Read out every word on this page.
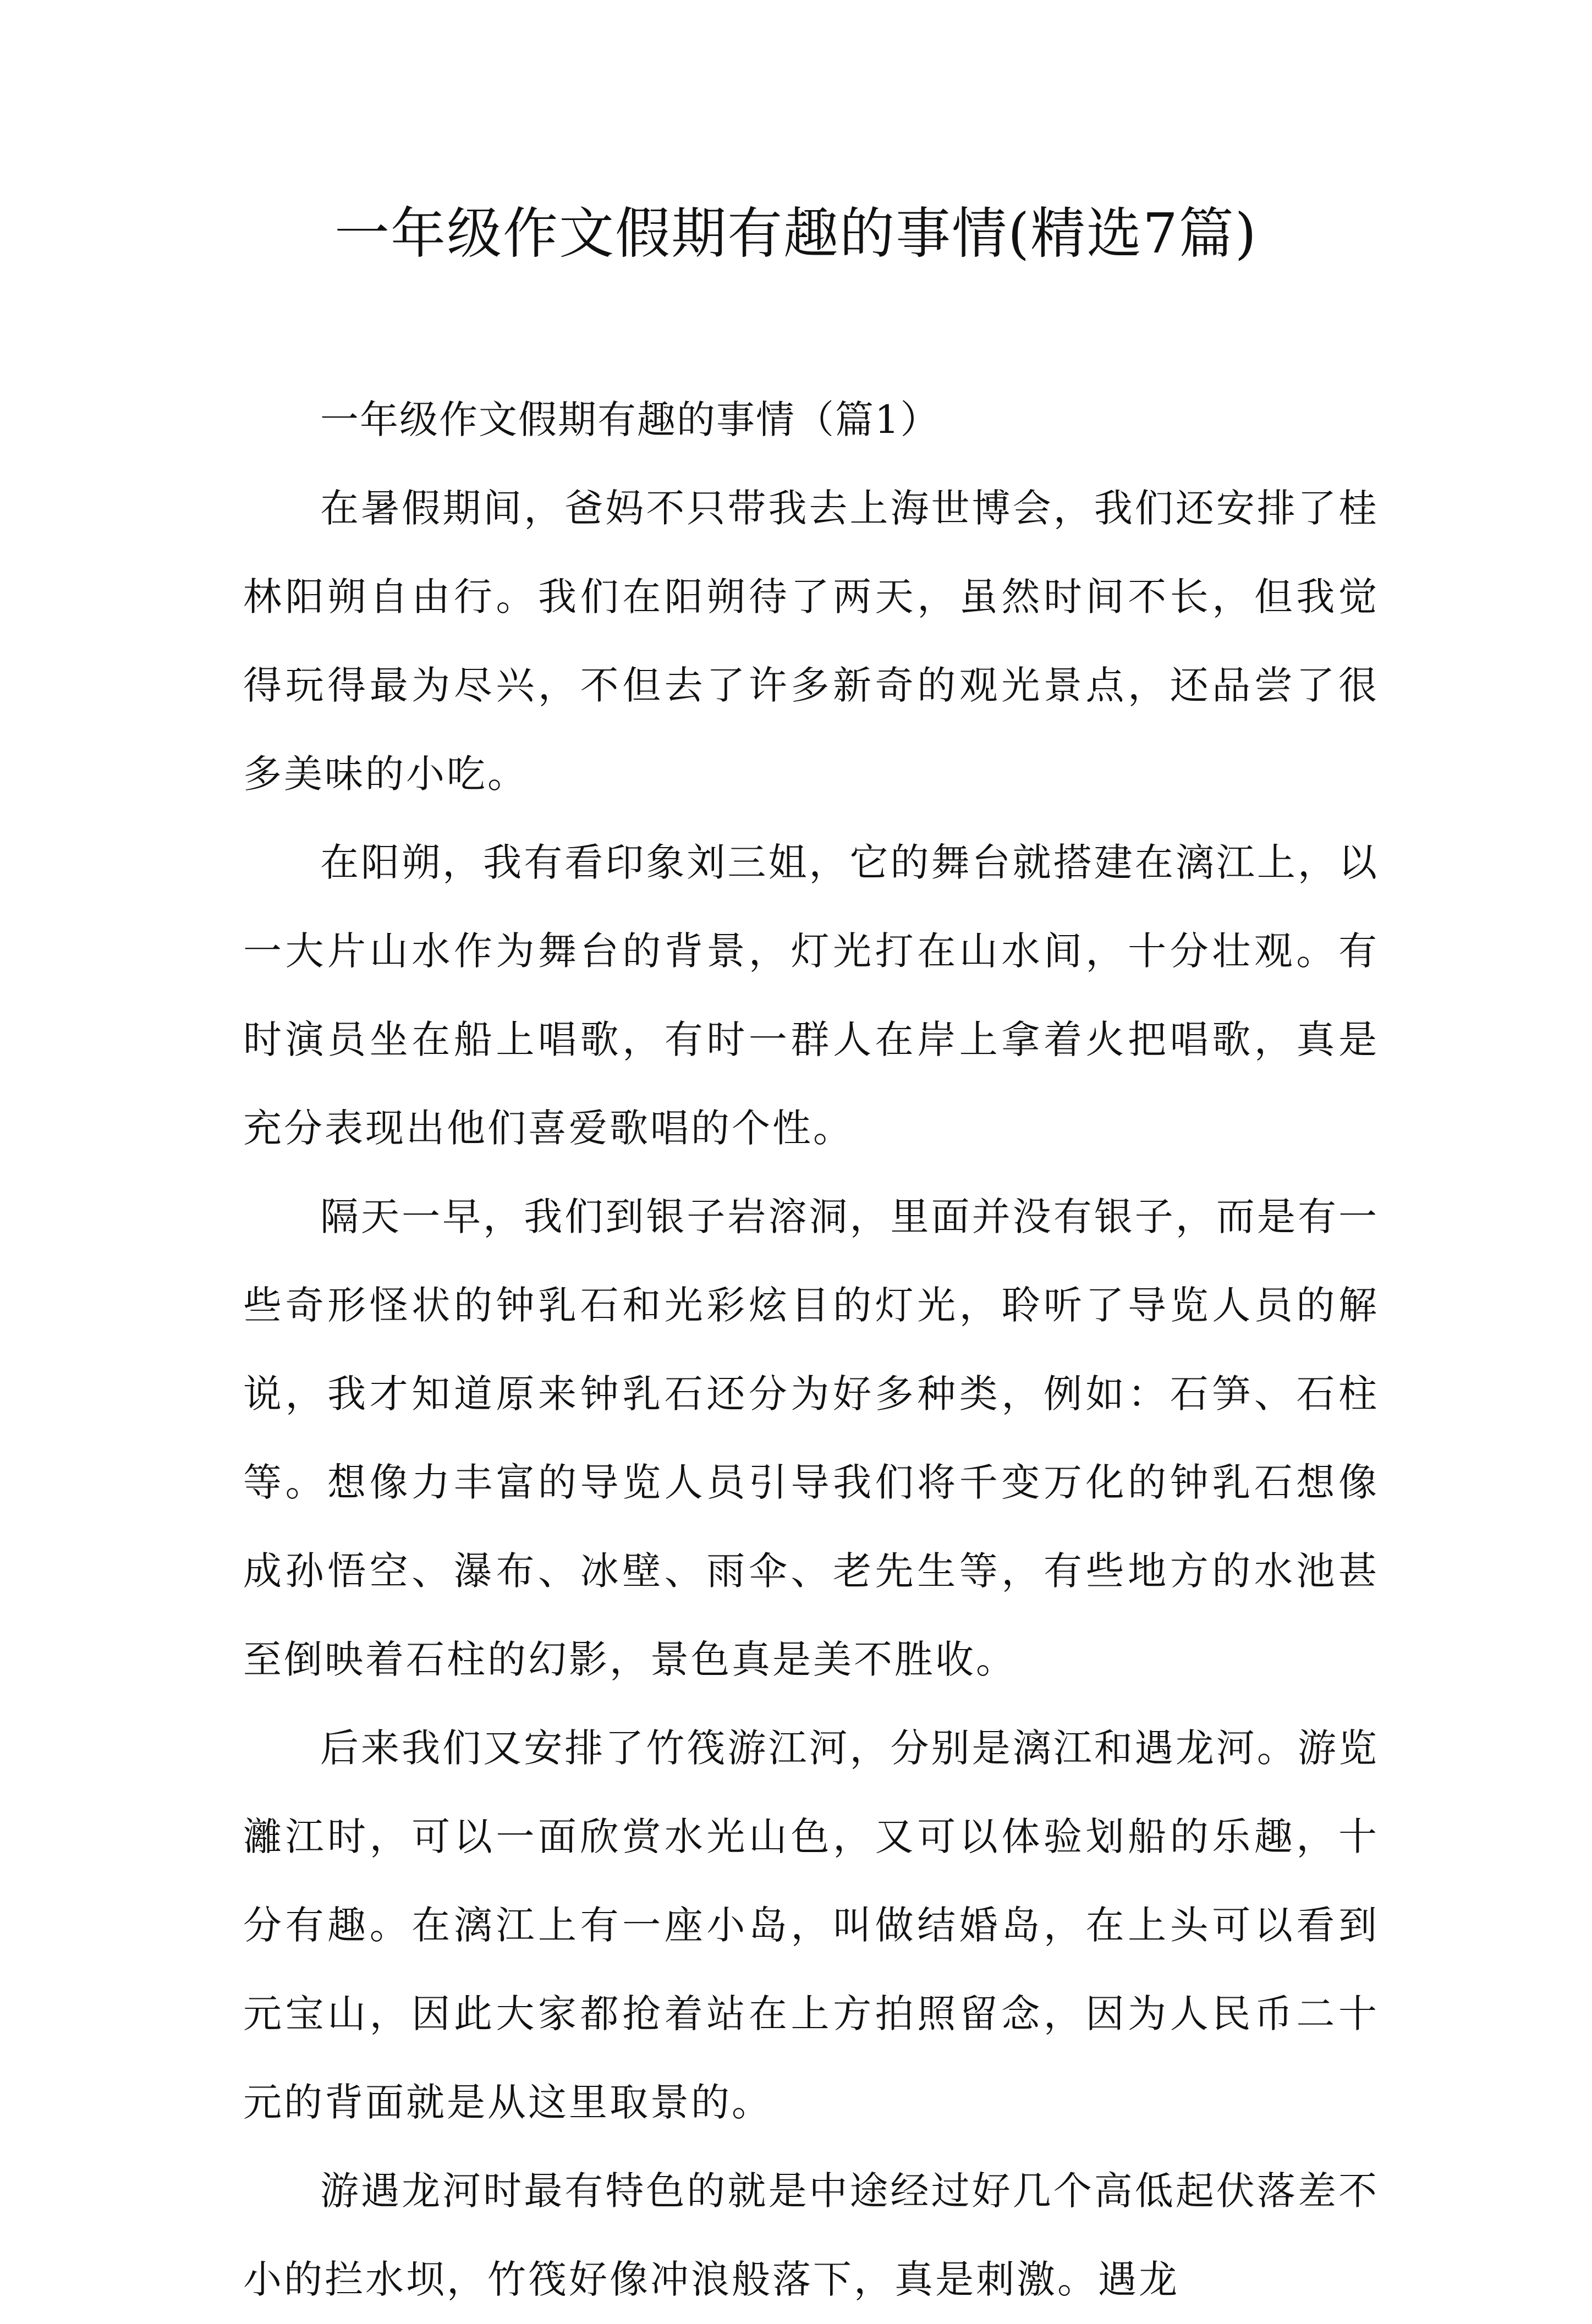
一年级作文假期有趣的事情(精选7篇)

一年级作文假期有趣的事情（篇1）

在暑假期间，爸妈不只带我去上海世博会，我们还安排了桂林阳朔自由行。我们在阳朔待了两天，虽然时间不长，但我觉得玩得最为尽兴，不但去了许多新奇的观光景点，还品尝了很多美味的小吃。

在阳朔，我有看印象刘三姐，它的舞台就搭建在漓江上，以一大片山水作为舞台的背景，灯光打在山水间，十分壮观。有时演员坐在船上唱歌，有时一群人在岸上拿着火把唱歌，真是充分表现出他们喜爱歌唱的个性。

隔天一早，我们到银子岩溶洞，里面并没有银子，而是有一些奇形怪状的钟乳石和光彩炫目的灯光，聆听了导览人员的解说，我才知道原来钟乳石还分为好多种类，例如：石笋、石柱等。想像力丰富的导览人员引导我们将千变万化的钟乳石想像成孙悟空、瀑布、冰壁、雨伞、老先生等，有些地方的水池甚至倒映着石柱的幻影，景色真是美不胜收。

后来我们又安排了竹筏游江河，分别是漓江和遇龙河。游览灕江时，可以一面欣赏水光山色，又可以体验划船的乐趣，十分有趣。在漓江上有一座小岛，叫做结婚岛，在上头可以看到元宝山，因此大家都抢着站在上方拍照留念，因为人民币二十元的背面就是从这里取景的。

游遇龙河时最有特色的就是中途经过好几个高低起伏落差不小的拦水坝，竹筏好像冲浪般落下，真是刺激。遇龙
